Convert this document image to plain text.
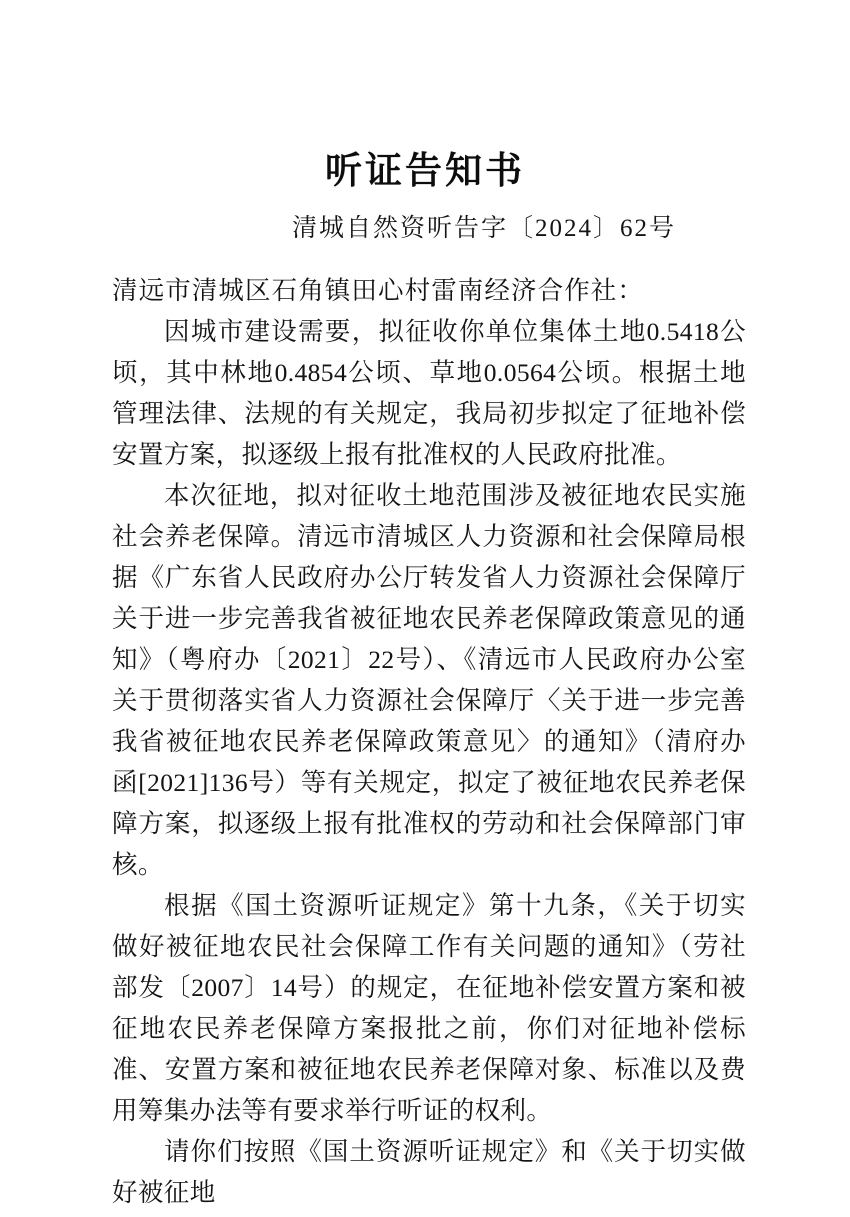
听证告知书
清城自然资听告字〔2024〕62号
清远市清城区石角镇田心村雷南经济合作社：

因城市建设需要，拟征收你单位集体土地0.5418公顷，其中林地0.4854公顷、草地0.0564公顷。根据土地管理法律、法规的有关规定，我局初步拟定了征地补偿安置方案，拟逐级上报有批准权的人民政府批准。

本次征地，拟对征收土地范围涉及被征地农民实施社会养老保障。清远市清城区人力资源和社会保障局根据《广东省人民政府办公厅转发省人力资源社会保障厅关于进一步完善我省被征地农民养老保障政策意见的通知》（粤府办〔2021〕22号）、《清远市人民政府办公室关于贯彻落实省人力资源社会保障厅〈关于进一步完善我省被征地农民养老保障政策意见〉的通知》（清府办函[2021]136号）等有关规定，拟定了被征地农民养老保障方案，拟逐级上报有批准权的劳动和社会保障部门审核。

根据《国土资源听证规定》第十九条，《关于切实做好被征地农民社会保障工作有关问题的通知》（劳社部发〔2007〕14号）的规定，在征地补偿安置方案和被征地农民养老保障方案报批之前，你们对征地补偿标准、安置方案和被征地农民养老保障对象、标准以及费用筹集办法等有要求举行听证的权利。

请你们按照《国土资源听证规定》和《关于切实做好被征地
